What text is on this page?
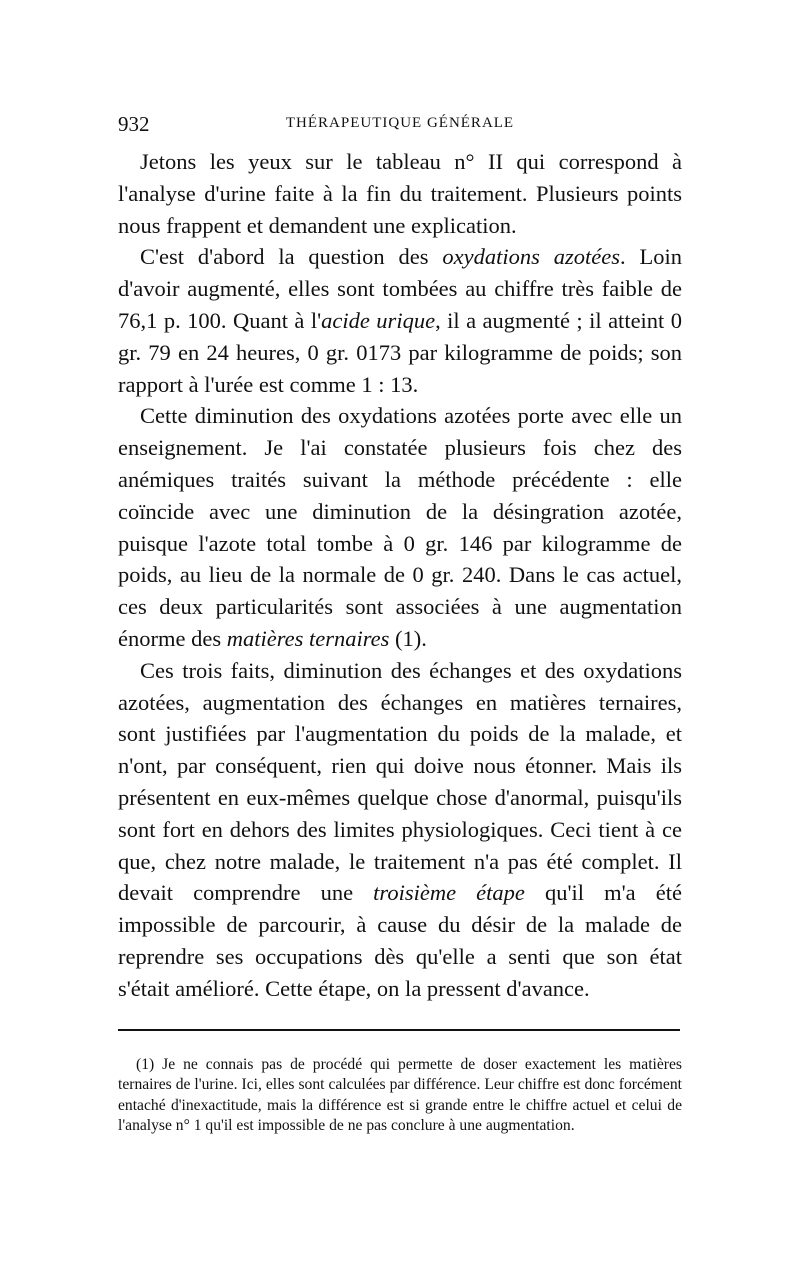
932	THÉRAPEUTIQUE GÉNÉRALE

Jetons les yeux sur le tableau n° II qui correspond à l'analyse d'urine faite à la fin du traitement. Plusieurs points nous frappent et demandent une explication.

C'est d'abord la question des oxydations azotées. Loin d'avoir augmenté, elles sont tombées au chiffre très faible de 76,1 p. 100. Quant à l'acide urique, il a augmenté ; il atteint 0 gr. 79 en 24 heures, 0 gr. 0173 par kilogramme de poids; son rapport à l'urée est comme 1 : 13.

Cette diminution des oxydations azotées porte avec elle un enseignement. Je l'ai constatée plusieurs fois chez des anémiques traités suivant la méthode précédente : elle coïncide avec une diminution de la désingration azotée, puisque l'azote total tombe à 0 gr. 146 par kilogramme de poids, au lieu de la normale de 0 gr. 240. Dans le cas actuel, ces deux particularités sont associées à une augmentation énorme des matières ternaires (1).

Ces trois faits, diminution des échanges et des oxydations azotées, augmentation des échanges en matières ternaires, sont justifiées par l'augmentation du poids de la malade, et n'ont, par conséquent, rien qui doive nous étonner. Mais ils présentent en eux-mêmes quelque chose d'anormal, puisqu'ils sont fort en dehors des limites physiologiques. Ceci tient à ce que, chez notre malade, le traitement n'a pas été complet. Il devait comprendre une troisième étape qu'il m'a été impossible de parcourir, à cause du désir de la malade de reprendre ses occupations dès qu'elle a senti que son état s'était amélioré. Cette étape, on la pressent d'avance.

(1) Je ne connais pas de procédé qui permette de doser exactement les matières ternaires de l'urine. Ici, elles sont calculées par différence. Leur chiffre est donc forcément entaché d'inexactitude, mais la différence est si grande entre le chiffre actuel et celui de l'analyse n° 1 qu'il est impossible de ne pas conclure à une augmentation.
